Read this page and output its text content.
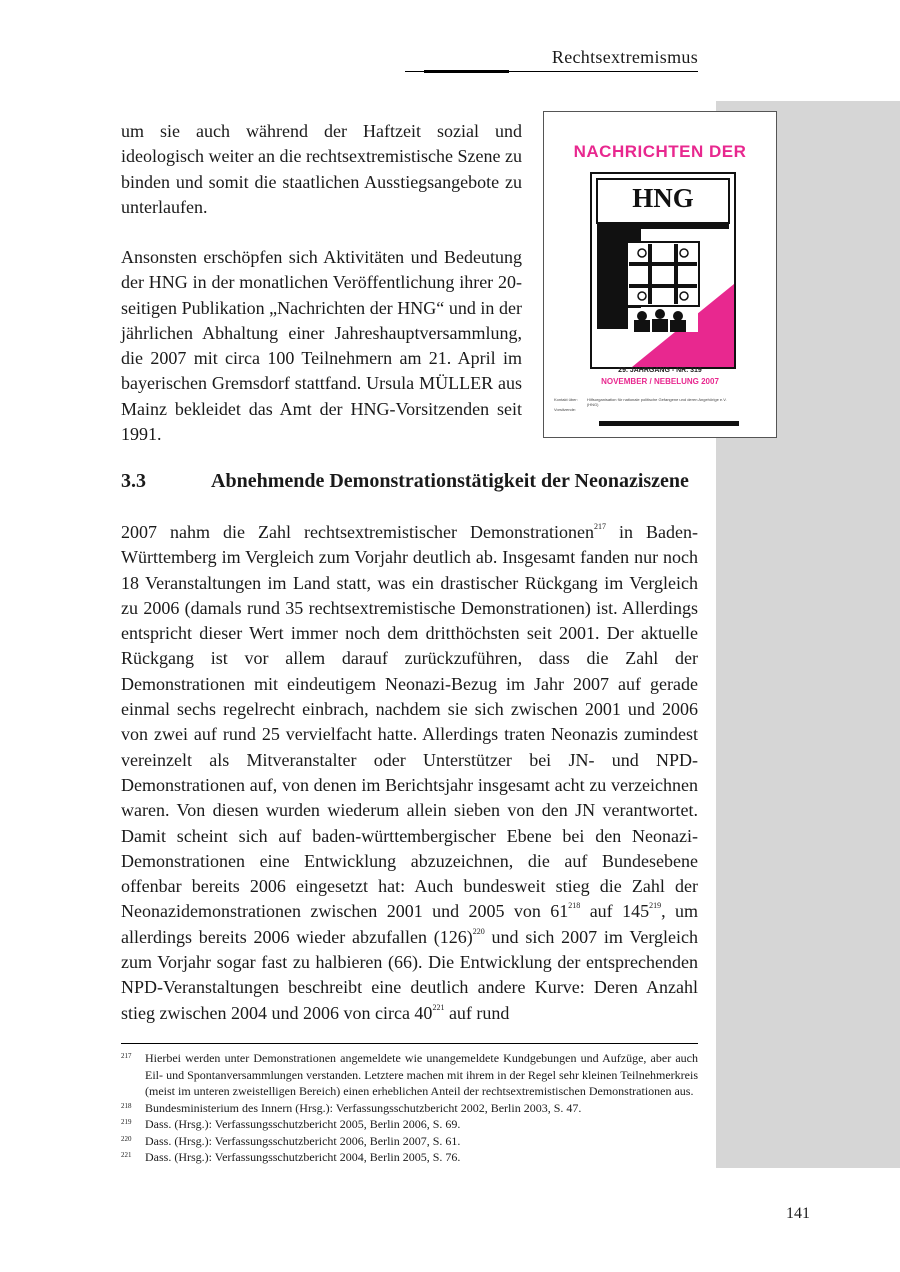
Rechtsextremismus

um sie auch während der Haftzeit sozial und ideologisch weiter an die rechtsextremistische Szene zu binden und somit die staatlichen Ausstiegsangebote zu unterlaufen.

Ansonsten erschöpfen sich Aktivitäten und Bedeutung der HNG in der monatlichen Veröffentlichung ihrer 20-seitigen Publikation „Nachrichten der HNG“ und in der jährlichen Abhaltung einer Jahreshauptversammlung, die 2007 mit circa 100 Teilnehmern am 21. April im bayerischen Gremsdorf stattfand. Ursula MÜLLER aus Mainz bekleidet das Amt der HNG-Vorsitzenden seit 1991.

NACHRICHTEN DER
HNG
29. JAHRGANG - NR. 319
NOVEMBER / NEBELUNG 2007
Kontakt über: Hilfsorganisation für nationale politische Gefangene und deren Angehörige e.V. (HNG)
Vorsitzende:
3.3	Abnehmende Demonstrationstätigkeit der Neonaziszene

2007 nahm die Zahl rechtsextremistischer Demonstrationen$^{217}$ in Baden-Württemberg im Vergleich zum Vorjahr deutlich ab. Insgesamt fanden nur noch 18 Veranstaltungen im Land statt, was ein drastischer Rückgang im Vergleich zu 2006 (damals rund 35 rechtsextremistische Demonstrationen) ist. Allerdings entspricht dieser Wert immer noch dem dritthöchsten seit 2001. Der aktuelle Rückgang ist vor allem darauf zurückzuführen, dass die Zahl der Demonstrationen mit eindeutigem Neonazi-Bezug im Jahr 2007 auf gerade einmal sechs regelrecht einbrach, nachdem sie sich zwischen 2001 und 2006 von zwei auf rund 25 vervielfacht hatte. Allerdings traten Neonazis zumindest vereinzelt als Mitveranstalter oder Unterstützer bei JN- und NPD-Demonstrationen auf, von denen im Berichtsjahr insgesamt acht zu verzeichnen waren. Von diesen wurden wiederum allein sieben von den JN verantwortet. Damit scheint sich auf baden-württembergischer Ebene bei den Neonazi-Demonstrationen eine Entwicklung abzuzeichnen, die auf Bundesebene offenbar bereits 2006 eingesetzt hat: Auch bundesweit stieg die Zahl der Neonazidemonstrationen zwischen 2001 und 2005 von 61$^{218}$ auf 145$^{219}$, um allerdings bereits 2006 wieder abzufallen (126)$^{220}$ und sich 2007 im Vergleich zum Vorjahr sogar fast zu halbieren (66). Die Entwicklung der entsprechenden NPD-Veranstaltungen beschreibt eine deutlich andere Kurve: Deren Anzahl stieg zwischen 2004 und 2006 von circa 40$^{221}$ auf rund

217 Hierbei werden unter Demonstrationen angemeldete wie unangemeldete Kundgebungen und Aufzüge, aber auch Eil- und Spontanversammlungen verstanden. Letztere machen mit ihrem in der Regel sehr kleinen Teilnehmerkreis (meist im unteren zweistelligen Bereich) einen erheblichen Anteil der rechtsextremistischen Demonstrationen aus.
218 Bundesministerium des Innern (Hrsg.): Verfassungsschutzbericht 2002, Berlin 2003, S. 47.
219 Dass. (Hrsg.): Verfassungsschutzbericht 2005, Berlin 2006, S. 69.
220 Dass. (Hrsg.): Verfassungsschutzbericht 2006, Berlin 2007, S. 61.
221 Dass. (Hrsg.): Verfassungsschutzbericht 2004, Berlin 2005, S. 76.
141
